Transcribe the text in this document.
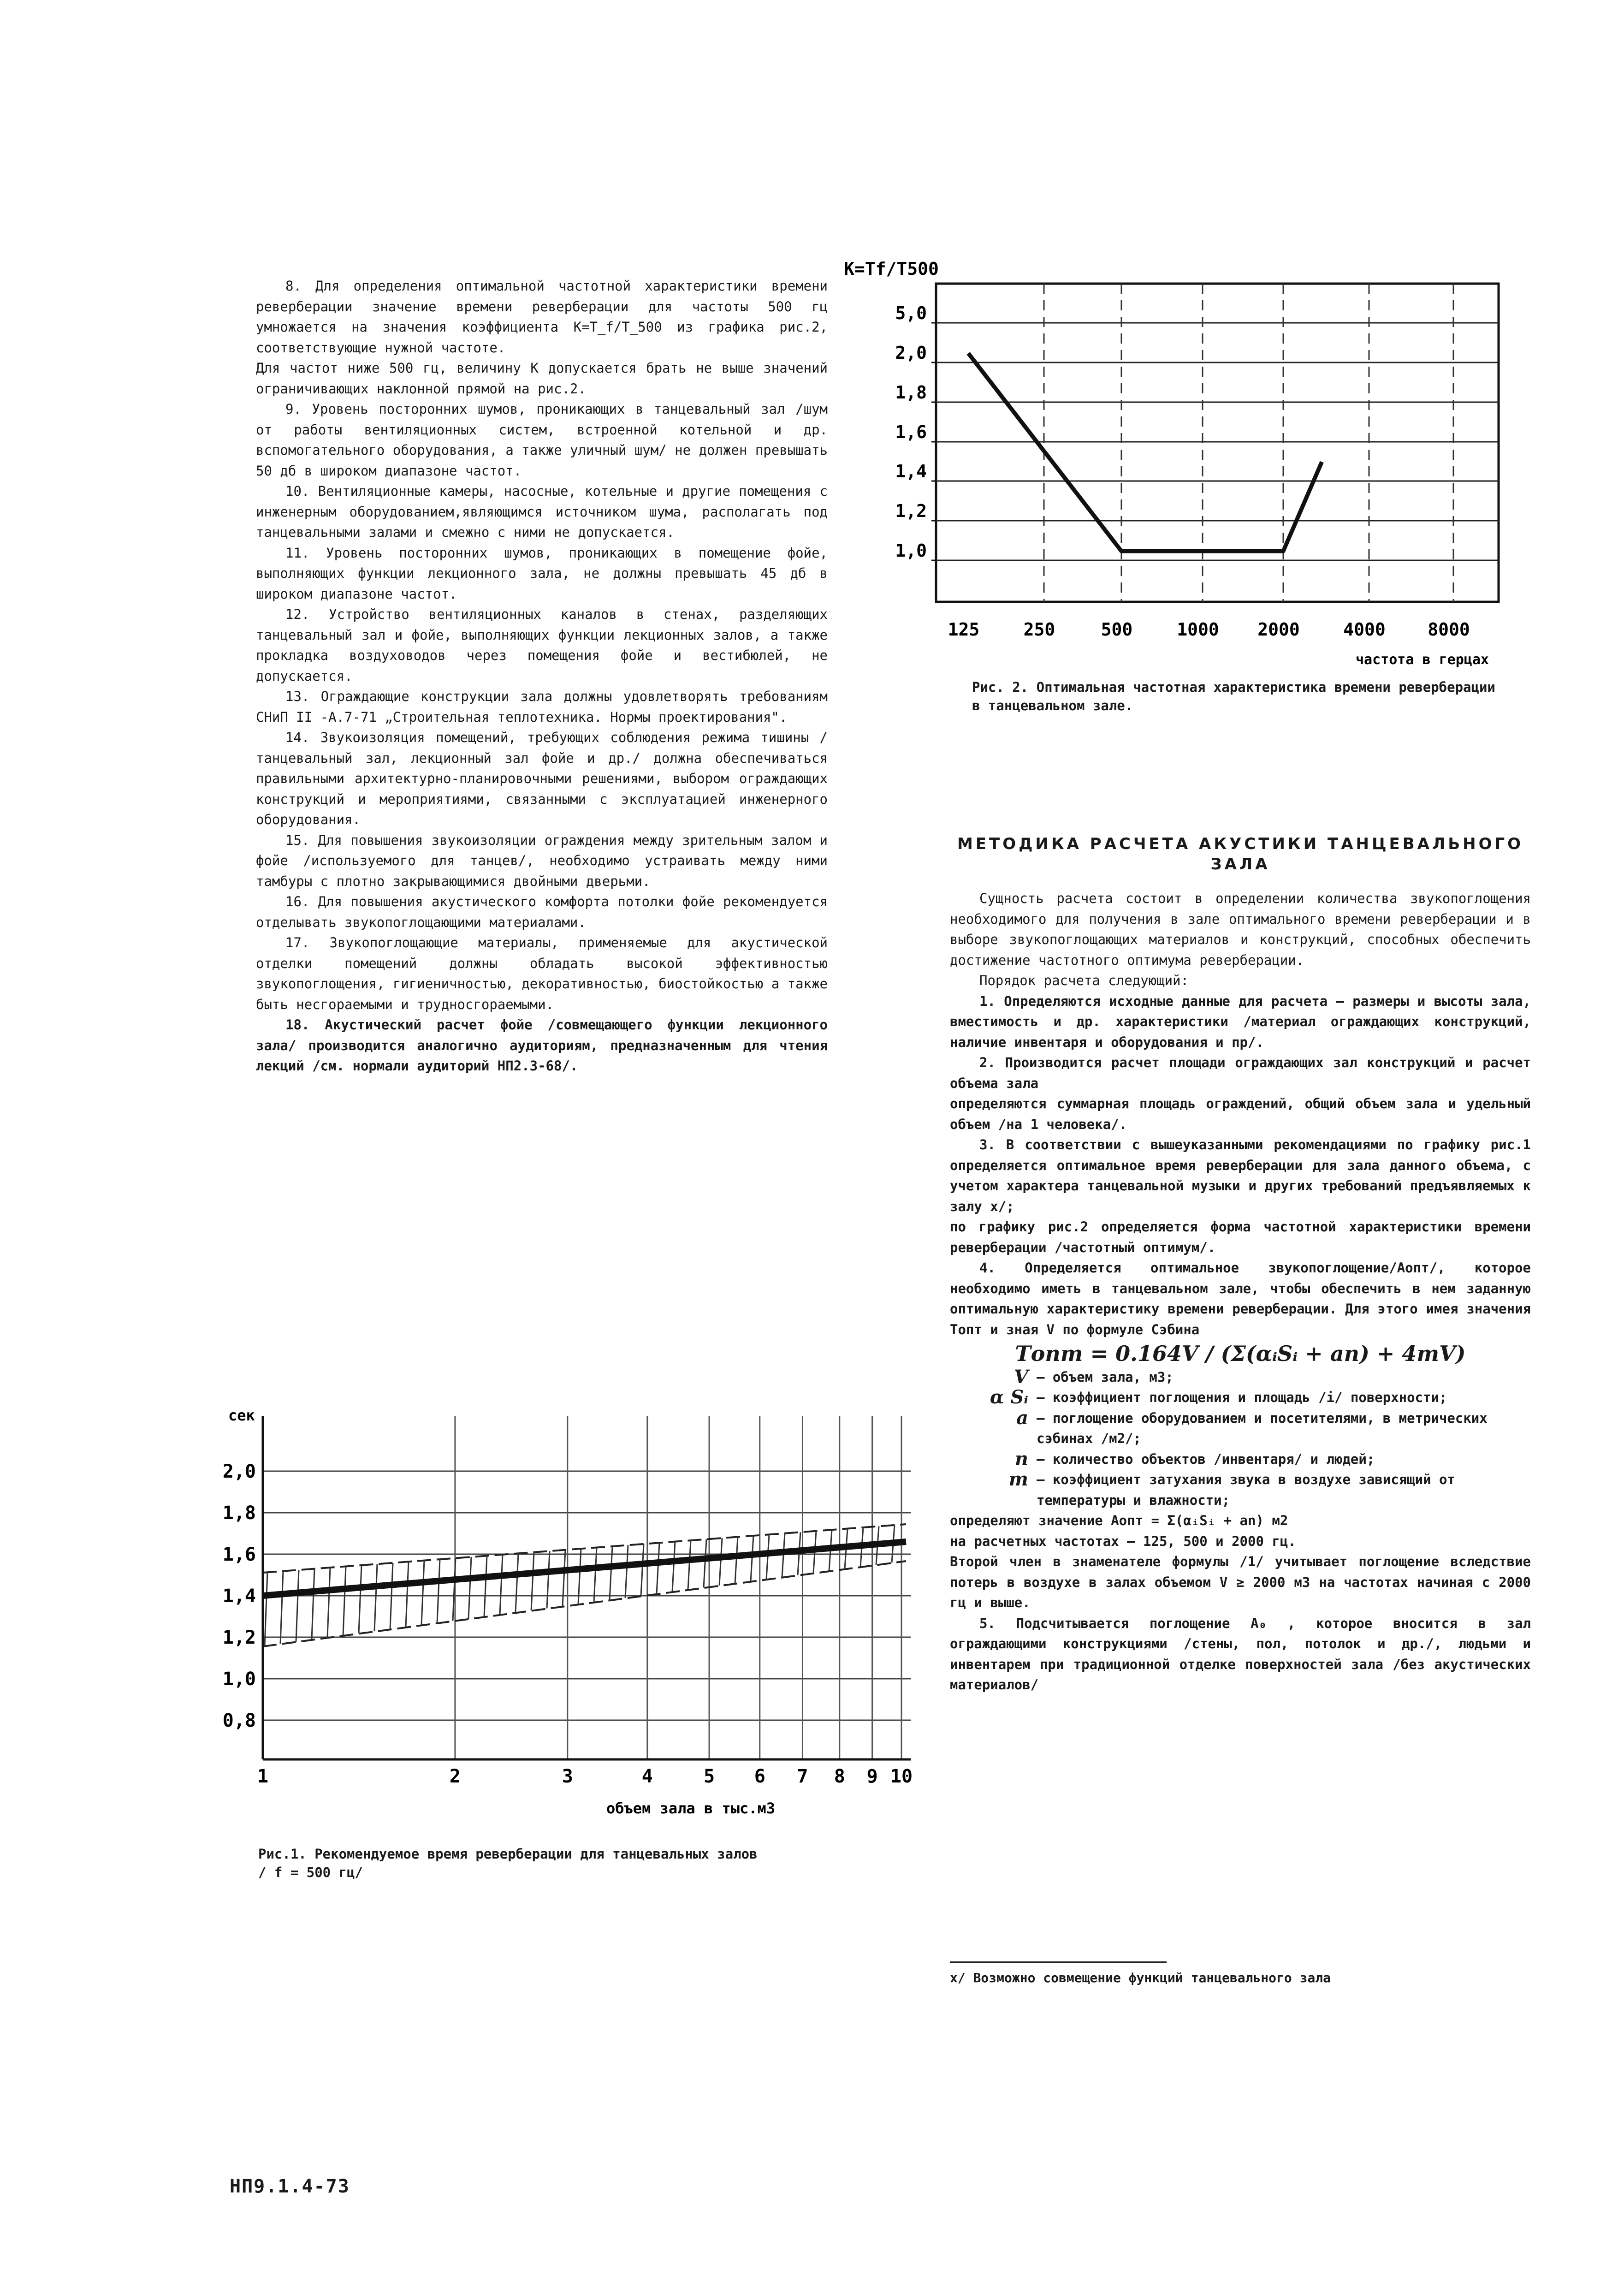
8. Для определения оптимальной частотной характеристики времени реверберации значение времени реверберации для частоты 500 гц умножается на значения коэффициента K=T_f/T_500 из графика рис.2, соответствующие нужной частоте.

Для частот ниже 500 гц, величину K допускается брать не выше значений ограничивающих наклонной прямой на рис.2.

9. Уровень посторонних шумов, проникающих в танцевальный зал /шум от работы вентиляционных систем, встроенной котельной и др. вспомогательного оборудования, а также уличный шум/ не должен превышать 50 дб в широком диапазоне частот.

10. Вентиляционные камеры, насосные, котельные и другие помещения с инженерным оборудованием,являющимся источником шума, располагать под танцевальными залами и смежно с ними не допускается.

11. Уровень посторонних шумов, проникающих в помещение фойе, выполняющих функции лекционного зала, не должны превышать 45 дб в широком диапазоне частот.

12. Устройство вентиляционных каналов в стенах, разделяющих танцевальный зал и фойе, выполняющих функции лекционных залов, а также прокладка воздуховодов через помещения фойе и вестибюлей, не допускается.

13. Ограждающие конструкции зала должны удовлетворять требованиям СНиП II -А.7-71 „Строительная теплотехника. Нормы проектирования".

14. Звукоизоляция помещений, требующих соблюдения режима тишины /танцевальный зал, лекционный зал фойе и др./ должна обеспечиваться правильными архитектурно-планировочными решениями, выбором ограждающих конструкций и мероприятиями, связанными с эксплуатацией инженерного оборудования.

15. Для повышения звукоизоляции ограждения между зрительным залом и фойе /используемого для танцев/, необходимо устраивать между ними тамбуры с плотно закрывающимися двойными дверьми.

16. Для повышения акустического комфорта потолки фойе рекомендуется отделывать звукопоглощающими материалами.

17. Звукопоглощающие материалы, применяемые для акустической отделки помещений должны обладать высокой эффективностью звукопоглощения, гигиеничностью, декоративностью, биостойкостью а также быть несгораемыми и трудносгораемыми.

18. Акустический расчет фойе /совмещающего функции лекционного зала/ производится аналогично аудиториям, предназначенным для чтения лекций /см. нормали аудиторий НП2.3-68/.

K=Tf/T500
5,0
2,0
1,8
1,6
1,4
1,2
1,0
125	250	500	1000 2000 4000 8000
частота в герцах
Рис. 2. Оптимальная частотная характеристика времени реверберации в танцевальном зале.
сек
2,0
1,8
1,6
1,4
1,2
1,0
0,8
1	2	3	4	5 6 7 8 9 10
объем зала в тыс.м3
Рис.1. Рекомендуемое время реверберации для танцевальных залов / f = 500 гц/
МЕТОДИКА РАСЧЕТА АКУСТИКИ ТАНЦЕВАЛЬНОГО ЗАЛА

Сущность расчета состоит в определении количества звукопоглощения необходимого для получения в зале оптимального времени реверберации и в выборе звукопоглощающих материалов и конструкций, способных обеспечить достижение частотного оптимума реверберации.

Порядок расчета следующий:

1. Определяются исходные данные для расчета – размеры и высоты зала, вместимость и др. характеристики /материал ограждающих конструкций, наличие инвентаря и оборудования и пр/.

2. Производится расчет площади ограждающих зал конструкций и расчет объема зала

определяются суммарная площадь ограждений, общий объем зала и удельный объем /на 1 человека/.

3. В соответствии с вышеуказанными рекомендациями по графику рис.1 определяется оптимальное время реверберации для зала данного объема, с учетом характера танцевальной музыки и других требований предъявляемых к залу x/;

по графику рис.2 определяется форма частотной характеристики времени реверберации /частотный оптимум/.

4. Определяется оптимальное звукопоглощение/Aопт/, которое необходимо иметь в танцевальном зале, чтобы обеспечить в нем заданную оптимальную характеристику времени реверберации. Для этого имея значения Tопт и зная V по формуле Сэбина

Tопт = 0.164V / (Σ(αᵢSᵢ + an) + 4mV)
V – объем зала, м3;
α Sᵢ – коэффициент поглощения и площадь /i/ поверхности;
a – поглощение оборудованием и посетителями, в метрических сэбинах /м2/;
n – количество объектов /инвентаря/ и людей;
m – коэффициент затухания звука в воздухе зависящий от температуры и влажности;

определяют значение Aопт = Σ(αᵢSᵢ + an) м2

на расчетных частотах – 125, 500 и 2000 гц.

Второй член в знаменателе формулы /1/ учитывает поглощение вследствие потерь в воздухе в залах объемом V ≥ 2000 м3 на частотах начиная с 2000 гц и выше.

5. Подсчитывается поглощение A₀ , которое вносится в зал ограждающими конструкциями /стены, пол, потолок и др./, людьми и инвентарем при традиционной отделке поверхностей зала /без акустических материалов/

x/ Возможно совмещение функций танцевального зала
НП9.1.4-73
